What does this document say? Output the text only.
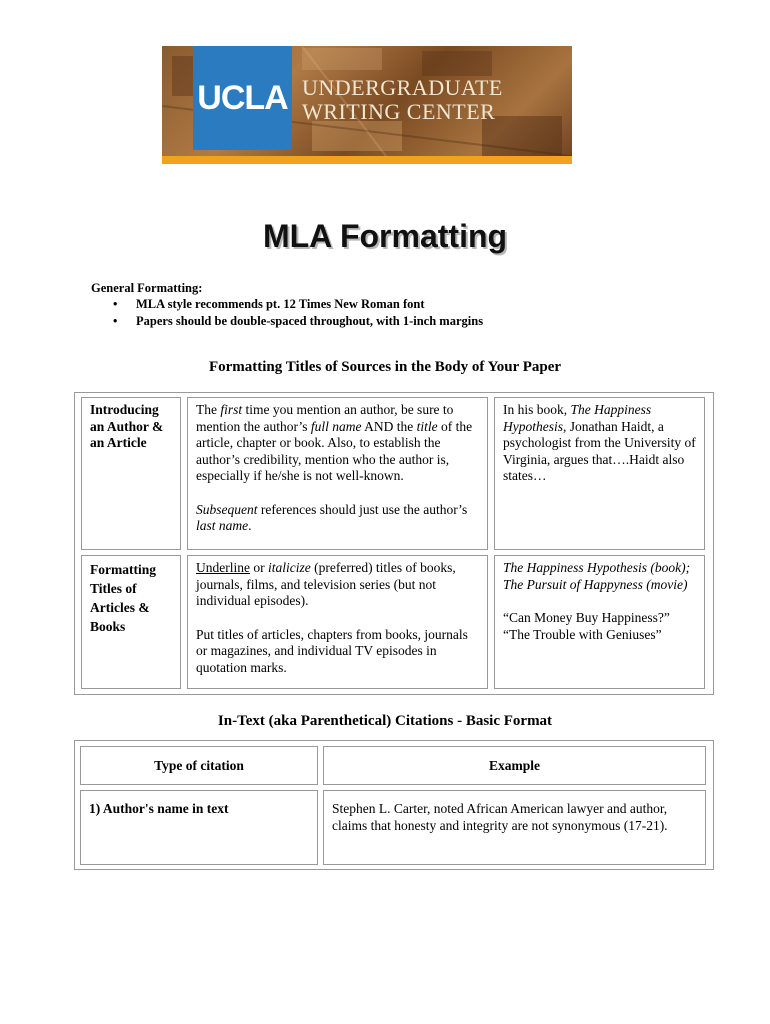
UCLA UNDERGRADUATE
WRITING CENTER
MLA Formatting
General Formatting:
• MLA style recommends pt. 12 Times New Roman font
• Papers should be double-spaced throughout, with 1-inch margins
Formatting Titles of Sources in the Body of Your Paper

Introducing an Author & an Article

The first time you mention an author, be sure to mention the author’s full name AND the title of the article, chapter or book. Also, to establish the author’s credibility, mention who the author is, especially if he/she is not well-known.

Subsequent references should just use the author’s last name.

In his book, The Happiness Hypothesis, Jonathan Haidt, a psychologist from the University of Virginia, argues that….Haidt also states…

Formatting Titles of Articles & Books

Underline or italicize (preferred) titles of books, journals, films, and television series (but not individual episodes).

Put titles of articles, chapters from books, journals or magazines, and individual TV episodes in quotation marks.

The Happiness Hypothesis (book);

The Pursuit of Happyness (movie)

“Can Money Buy Happiness?”

“The Trouble with Geniuses”

In-Text (aka Parenthetical) Citations - Basic Format
Type of citation	Example
1) Author's name in text	Stephen L. Carter, noted African American lawyer and author, claims that honesty and integrity are not synonymous (17-21).
